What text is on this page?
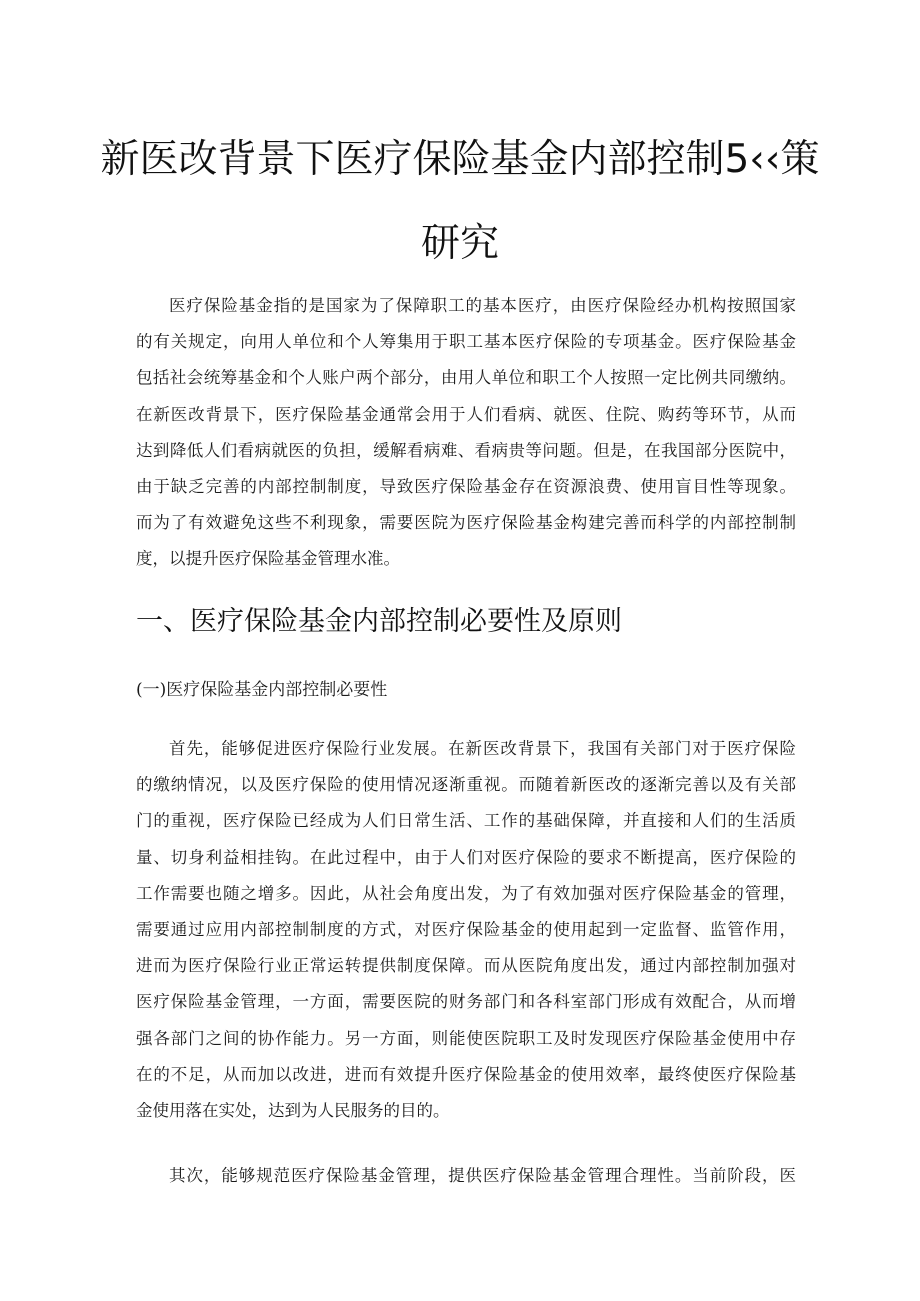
新医改背景下医疗保险基金内部控制5‹‹策研究
医疗保险基金指的是国家为了保障职工的基本医疗，由医疗保险经办机构按照国家
的有关规定，向用人单位和个人筹集用于职工基本医疗保险的专项基金。医疗保险基金
包括社会统筹基金和个人账户两个部分，由用人单位和职工个人按照一定比例共同缴纳。
在新医改背景下，医疗保险基金通常会用于人们看病、就医、住院、购药等环节，从而
达到降低人们看病就医的负担，缓解看病难、看病贵等问题。但是，在我国部分医院中，
由于缺乏完善的内部控制制度，导致医疗保险基金存在资源浪费、使用盲目性等现象。
而为了有效避免这些不利现象，需要医院为医疗保险基金构建完善而科学的内部控制制
度，以提升医疗保险基金管理水准。
一、医疗保险基金内部控制必要性及原则
(一)医疗保险基金内部控制必要性
首先，能够促进医疗保险行业发展。在新医改背景下，我国有关部门对于医疗保险
的缴纳情况，以及医疗保险的使用情况逐渐重视。而随着新医改的逐渐完善以及有关部
门的重视，医疗保险已经成为人们日常生活、工作的基础保障，并直接和人们的生活质
量、切身利益相挂钩。在此过程中，由于人们对医疗保险的要求不断提高，医疗保险的
工作需要也随之增多。因此，从社会角度出发，为了有效加强对医疗保险基金的管理，
需要通过应用内部控制制度的方式，对医疗保险基金的使用起到一定监督、监管作用，
进而为医疗保险行业正常运转提供制度保障。而从医院角度出发，通过内部控制加强对
医疗保险基金管理，一方面，需要医院的财务部门和各科室部门形成有效配合，从而增
强各部门之间的协作能力。另一方面，则能使医院职工及时发现医疗保险基金使用中存
在的不足，从而加以改进，进而有效提升医疗保险基金的使用效率，最终使医疗保险基
金使用落在实处，达到为人民服务的目的。
其次，能够规范医疗保险基金管理，提供医疗保险基金管理合理性。当前阶段，医
